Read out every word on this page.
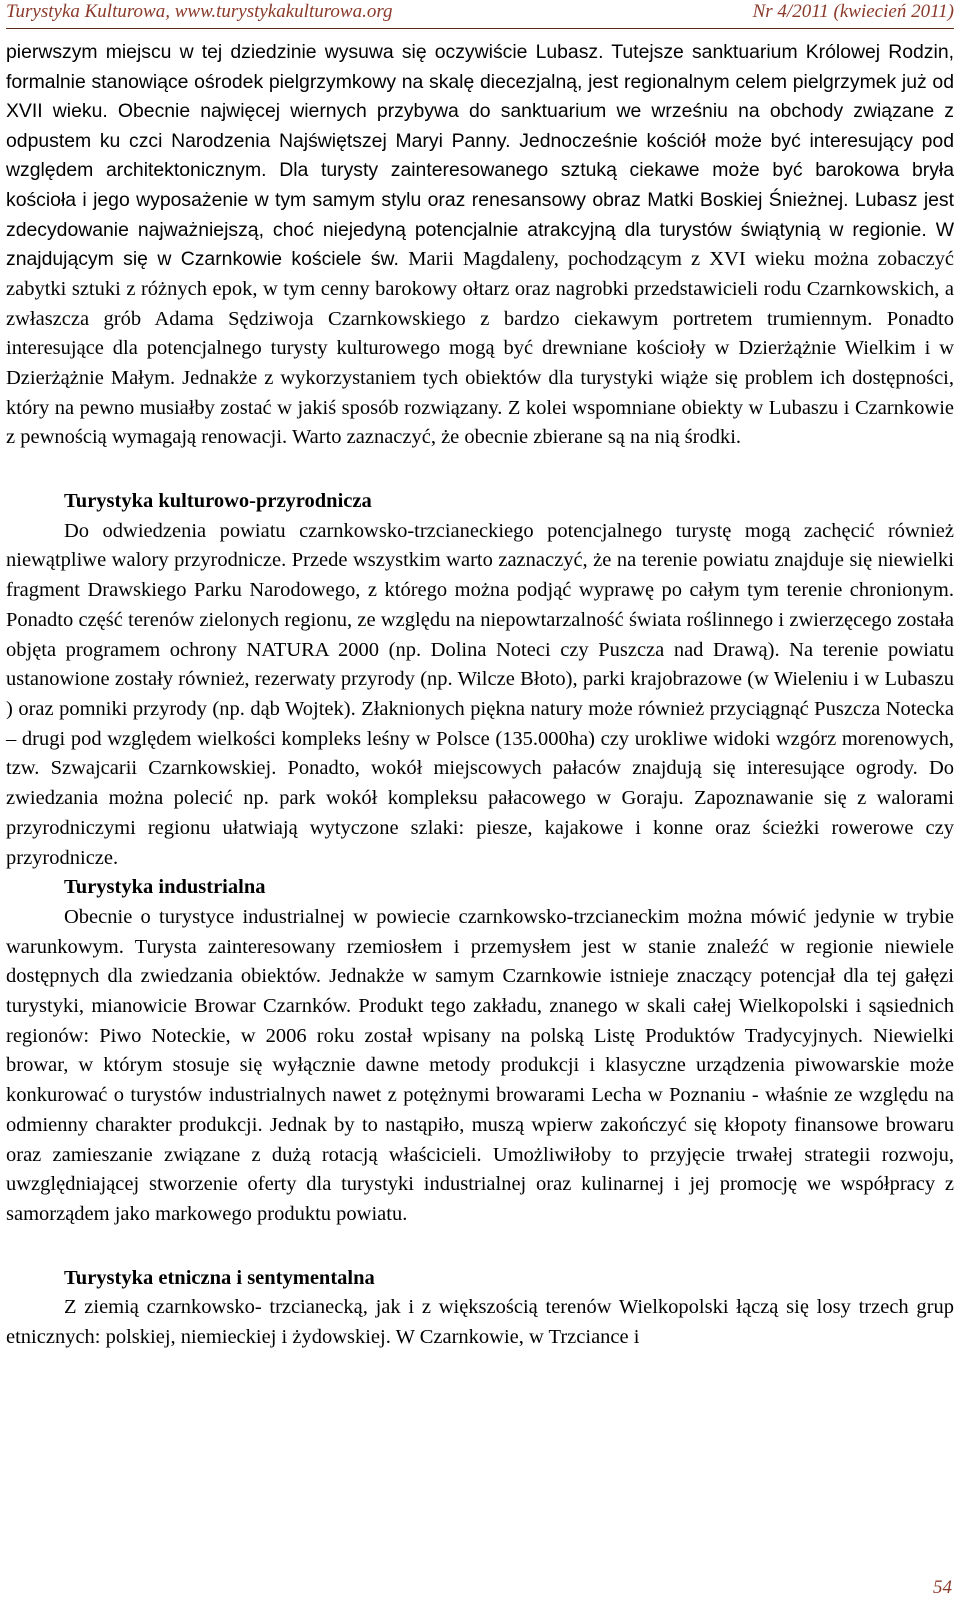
Turystyka Kulturowa, www.turystykakulturowa.org	Nr 4/2011 (kwiecień 2011)

pierwszym miejscu w tej dziedzinie wysuwa się oczywiście Lubasz. Tutejsze sanktuarium Królowej Rodzin, formalnie stanowiące ośrodek pielgrzymkowy na skalę diecezjalną, jest regionalnym celem pielgrzymek już od XVII wieku. Obecnie najwięcej wiernych przybywa do sanktuarium we wrześniu na obchody związane z odpustem ku czci Narodzenia Najświętszej Maryi Panny. Jednocześnie kościół może być interesujący pod względem architektonicznym. Dla turysty zainteresowanego sztuką ciekawe może być barokowa bryła kościoła i jego wyposażenie w tym samym stylu oraz renesansowy obraz Matki Boskiej Śnieżnej. Lubasz jest zdecydowanie najważniejszą, choć niejedyną potencjalnie atrakcyjną dla turystów świątynią w regionie. W znajdującym się w Czarnkowie kościele św. Marii Magdaleny, pochodzącym z XVI wieku można zobaczyć zabytki sztuki z różnych epok, w tym cenny barokowy ołtarz oraz nagrobki przedstawicieli rodu Czarnkowskich, a zwłaszcza grób Adama Sędziwoja Czarnkowskiego z bardzo ciekawym portretem trumiennym. Ponadto interesujące dla potencjalnego turysty kulturowego mogą być drewniane kościoły w Dzierżążnie Wielkim i w Dzierżążnie Małym. Jednakże z wykorzystaniem tych obiektów dla turystyki wiąże się problem ich dostępności, który na pewno musiałby zostać w jakiś sposób rozwiązany. Z kolei wspomniane obiekty w Lubaszu i Czarnkowie z pewnością wymagają renowacji. Warto zaznaczyć, że obecnie zbierane są na nią środki.

Turystyka kulturowo-przyrodnicza

Do odwiedzenia powiatu czarnkowsko-trzcianeckiego potencjalnego turystę mogą zachęcić również niewątpliwe walory przyrodnicze. Przede wszystkim warto zaznaczyć, że na terenie powiatu znajduje się niewielki fragment Drawskiego Parku Narodowego, z którego można podjąć wyprawę po całym tym terenie chronionym. Ponadto część terenów zielonych regionu, ze względu na niepowtarzalność świata roślinnego i zwierzęcego została objęta programem ochrony NATURA 2000 (np. Dolina Noteci czy Puszcza nad Drawą). Na terenie powiatu ustanowione zostały również, rezerwaty przyrody (np. Wilcze Błoto), parki krajobrazowe (w Wieleniu i w Lubaszu ) oraz pomniki przyrody (np. dąb Wojtek). Złaknionych piękna natury może również przyciągnąć Puszcza Notecka – drugi pod względem wielkości kompleks leśny w Polsce (135.000ha) czy urokliwe widoki wzgórz morenowych, tzw. Szwajcarii Czarnkowskiej. Ponadto, wokół miejscowych pałaców znajdują się interesujące ogrody. Do zwiedzania można polecić np. park wokół kompleksu pałacowego w Goraju. Zapoznawanie się z walorami przyrodniczymi regionu ułatwiają wytyczone szlaki: piesze, kajakowe i konne oraz ścieżki rowerowe czy przyrodnicze.

Turystyka industrialna

Obecnie o turystyce industrialnej w powiecie czarnkowsko-trzcianeckim można mówić jedynie w trybie warunkowym. Turysta zainteresowany rzemiosłem i przemysłem jest w stanie znaleźć w regionie niewiele dostępnych dla zwiedzania obiektów. Jednakże w samym Czarnkowie istnieje znaczący potencjał dla tej gałęzi turystyki, mianowicie Browar Czarnków. Produkt tego zakładu, znanego w skali całej Wielkopolski i sąsiednich regionów: Piwo Noteckie, w 2006 roku został wpisany na polską Listę Produktów Tradycyjnych. Niewielki browar, w którym stosuje się wyłącznie dawne metody produkcji i klasyczne urządzenia piwowarskie może konkurować o turystów industrialnych nawet z potężnymi browarami Lecha w Poznaniu - właśnie ze względu na odmienny charakter produkcji. Jednak by to nastąpiło, muszą wpierw zakończyć się kłopoty finansowe browaru oraz zamieszanie związane z dużą rotacją właścicieli. Umożliwiłoby to przyjęcie trwałej strategii rozwoju, uwzględniającej stworzenie oferty dla turystyki industrialnej oraz kulinarnej i jej promocję we współpracy z samorządem jako markowego produktu powiatu.

Turystyka etniczna i sentymentalna

Z ziemią czarnkowsko- trzcianecką, jak i z większością terenów Wielkopolski łączą się losy trzech grup etnicznych: polskiej, niemieckiej i żydowskiej. W Czarnkowie, w Trzciance i

54
